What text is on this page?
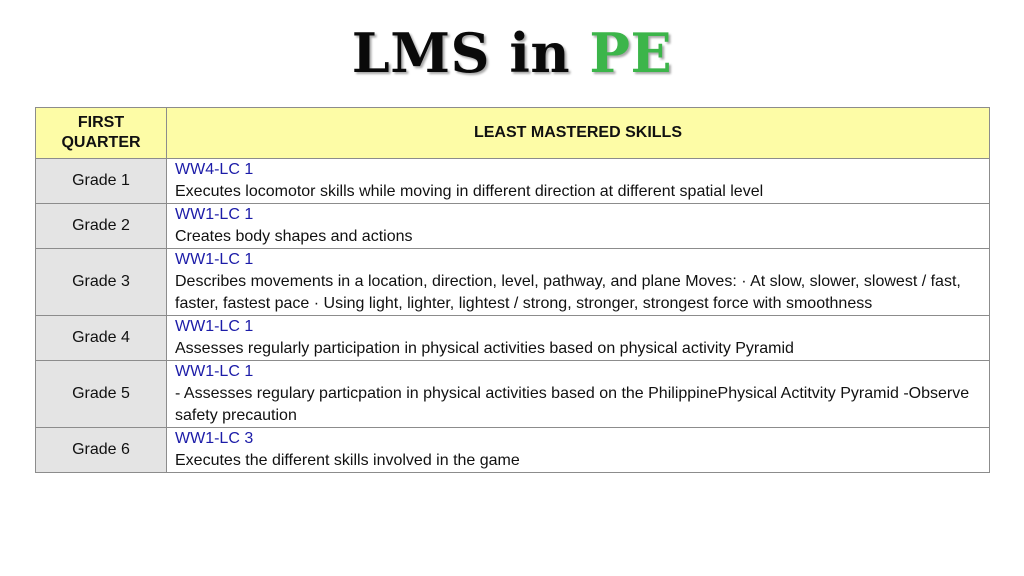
LMS in PE
FIRST
QUARTER	LEAST MASTERED SKILLS
Grade 1	WW4-LC 1
Executes locomotor skills while moving in different direction at different spatial level

Grade 2	WW1-LC 1
Creates body shapes and actions

Grade 3	WW1-LC 1
Describes movements in a location, direction, level, pathway, and plane Moves: · At slow, slower, slowest / fast, faster, fastest pace · Using light, lighter, lightest / strong, stronger, strongest force with smoothness

Grade 4	WW1-LC 1
Assesses regularly participation in physical activities based on physical activity Pyramid

Grade 5	WW1-LC 1
- Assesses regulary particpation in physical activities based on the PhilippinePhysical Actitvity Pyramid -Observe safety precaution

Grade 6	WW1-LC 3
Executes the different skills involved in the game
